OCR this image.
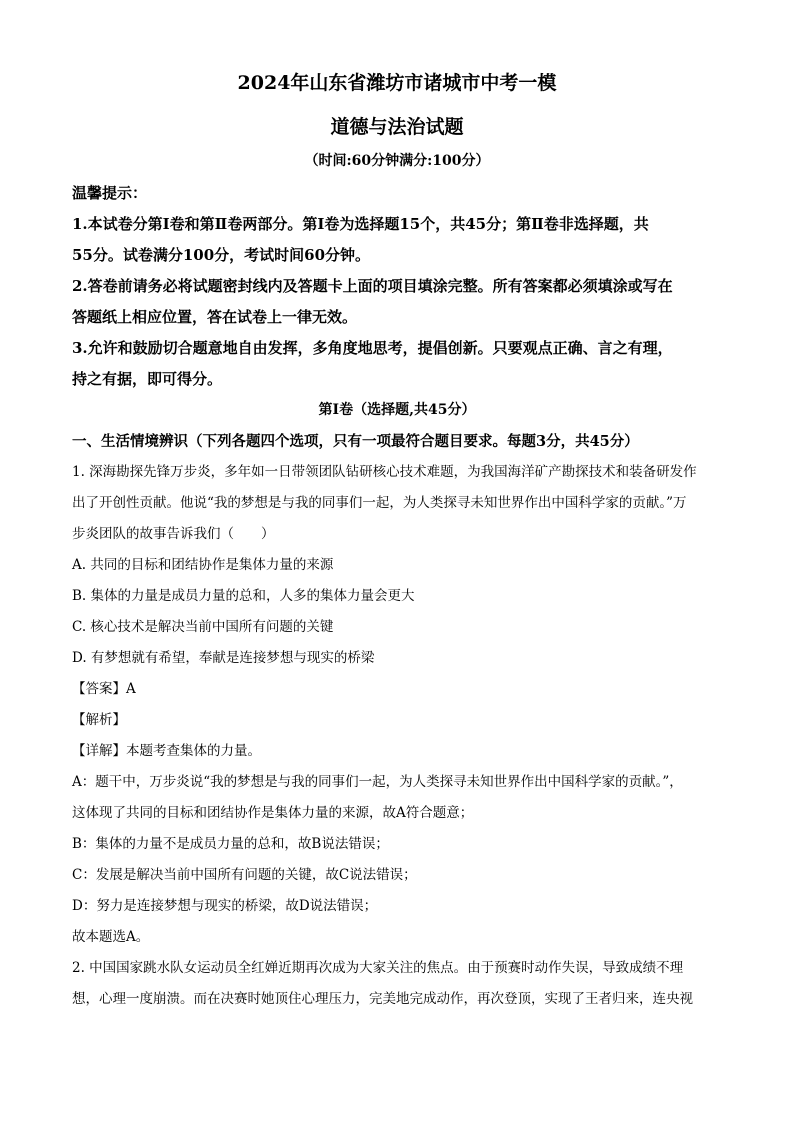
2024年山东省潍坊市诸城市中考一模
道德与法治试题
（时间:60分钟满分:100分）

温馨提示：

1.本试卷分第Ⅰ卷和第Ⅱ卷两部分。第Ⅰ卷为选择题15个，共45分；第Ⅱ卷非选择题，共

55分。试卷满分100分，考试时间60分钟。

2.答卷前请务必将试题密封线内及答题卡上面的项目填涂完整。所有答案都必须填涂或写在

答题纸上相应位置，答在试卷上一律无效。

3.允许和鼓励切合题意地自由发挥，多角度地思考，提倡创新。只要观点正确、言之有理，

持之有据，即可得分。

第Ⅰ卷（选择题,共45分）

一、生活情境辨识（下列各题四个选项，只有一项最符合题目要求。每题3分，共45分）

1. 深海勘探先锋万步炎，多年如一日带领团队钻研核心技术难题，为我国海洋矿产勘探技术和装备研发作

出了开创性贡献。他说“我的梦想是与我的同事们一起，为人类探寻未知世界作出中国科学家的贡献。”万

步炎团队的故事告诉我们（　　）

A. 共同的目标和团结协作是集体力量的来源

B. 集体的力量是成员力量的总和，人多的集体力量会更大

C. 核心技术是解决当前中国所有问题的关键

D. 有梦想就有希望，奉献是连接梦想与现实的桥梁

【答案】A

【解析】

【详解】本题考查集体的力量。

A：题干中，万步炎说“我的梦想是与我的同事们一起，为人类探寻未知世界作出中国科学家的贡献。”，

这体现了共同的目标和团结协作是集体力量的来源，故A符合题意；

B：集体的力量不是成员力量的总和，故B说法错误；

C：发展是解决当前中国所有问题的关键，故C说法错误；

D：努力是连接梦想与现实的桥梁，故D说法错误；

故本题选A。

2. 中国国家跳水队女运动员全红婵近期再次成为大家关注的焦点。由于预赛时动作失误，导致成绩不理

想，心理一度崩溃。而在决赛时她顶住心理压力，完美地完成动作，再次登顶，实现了王者归来，连央视
